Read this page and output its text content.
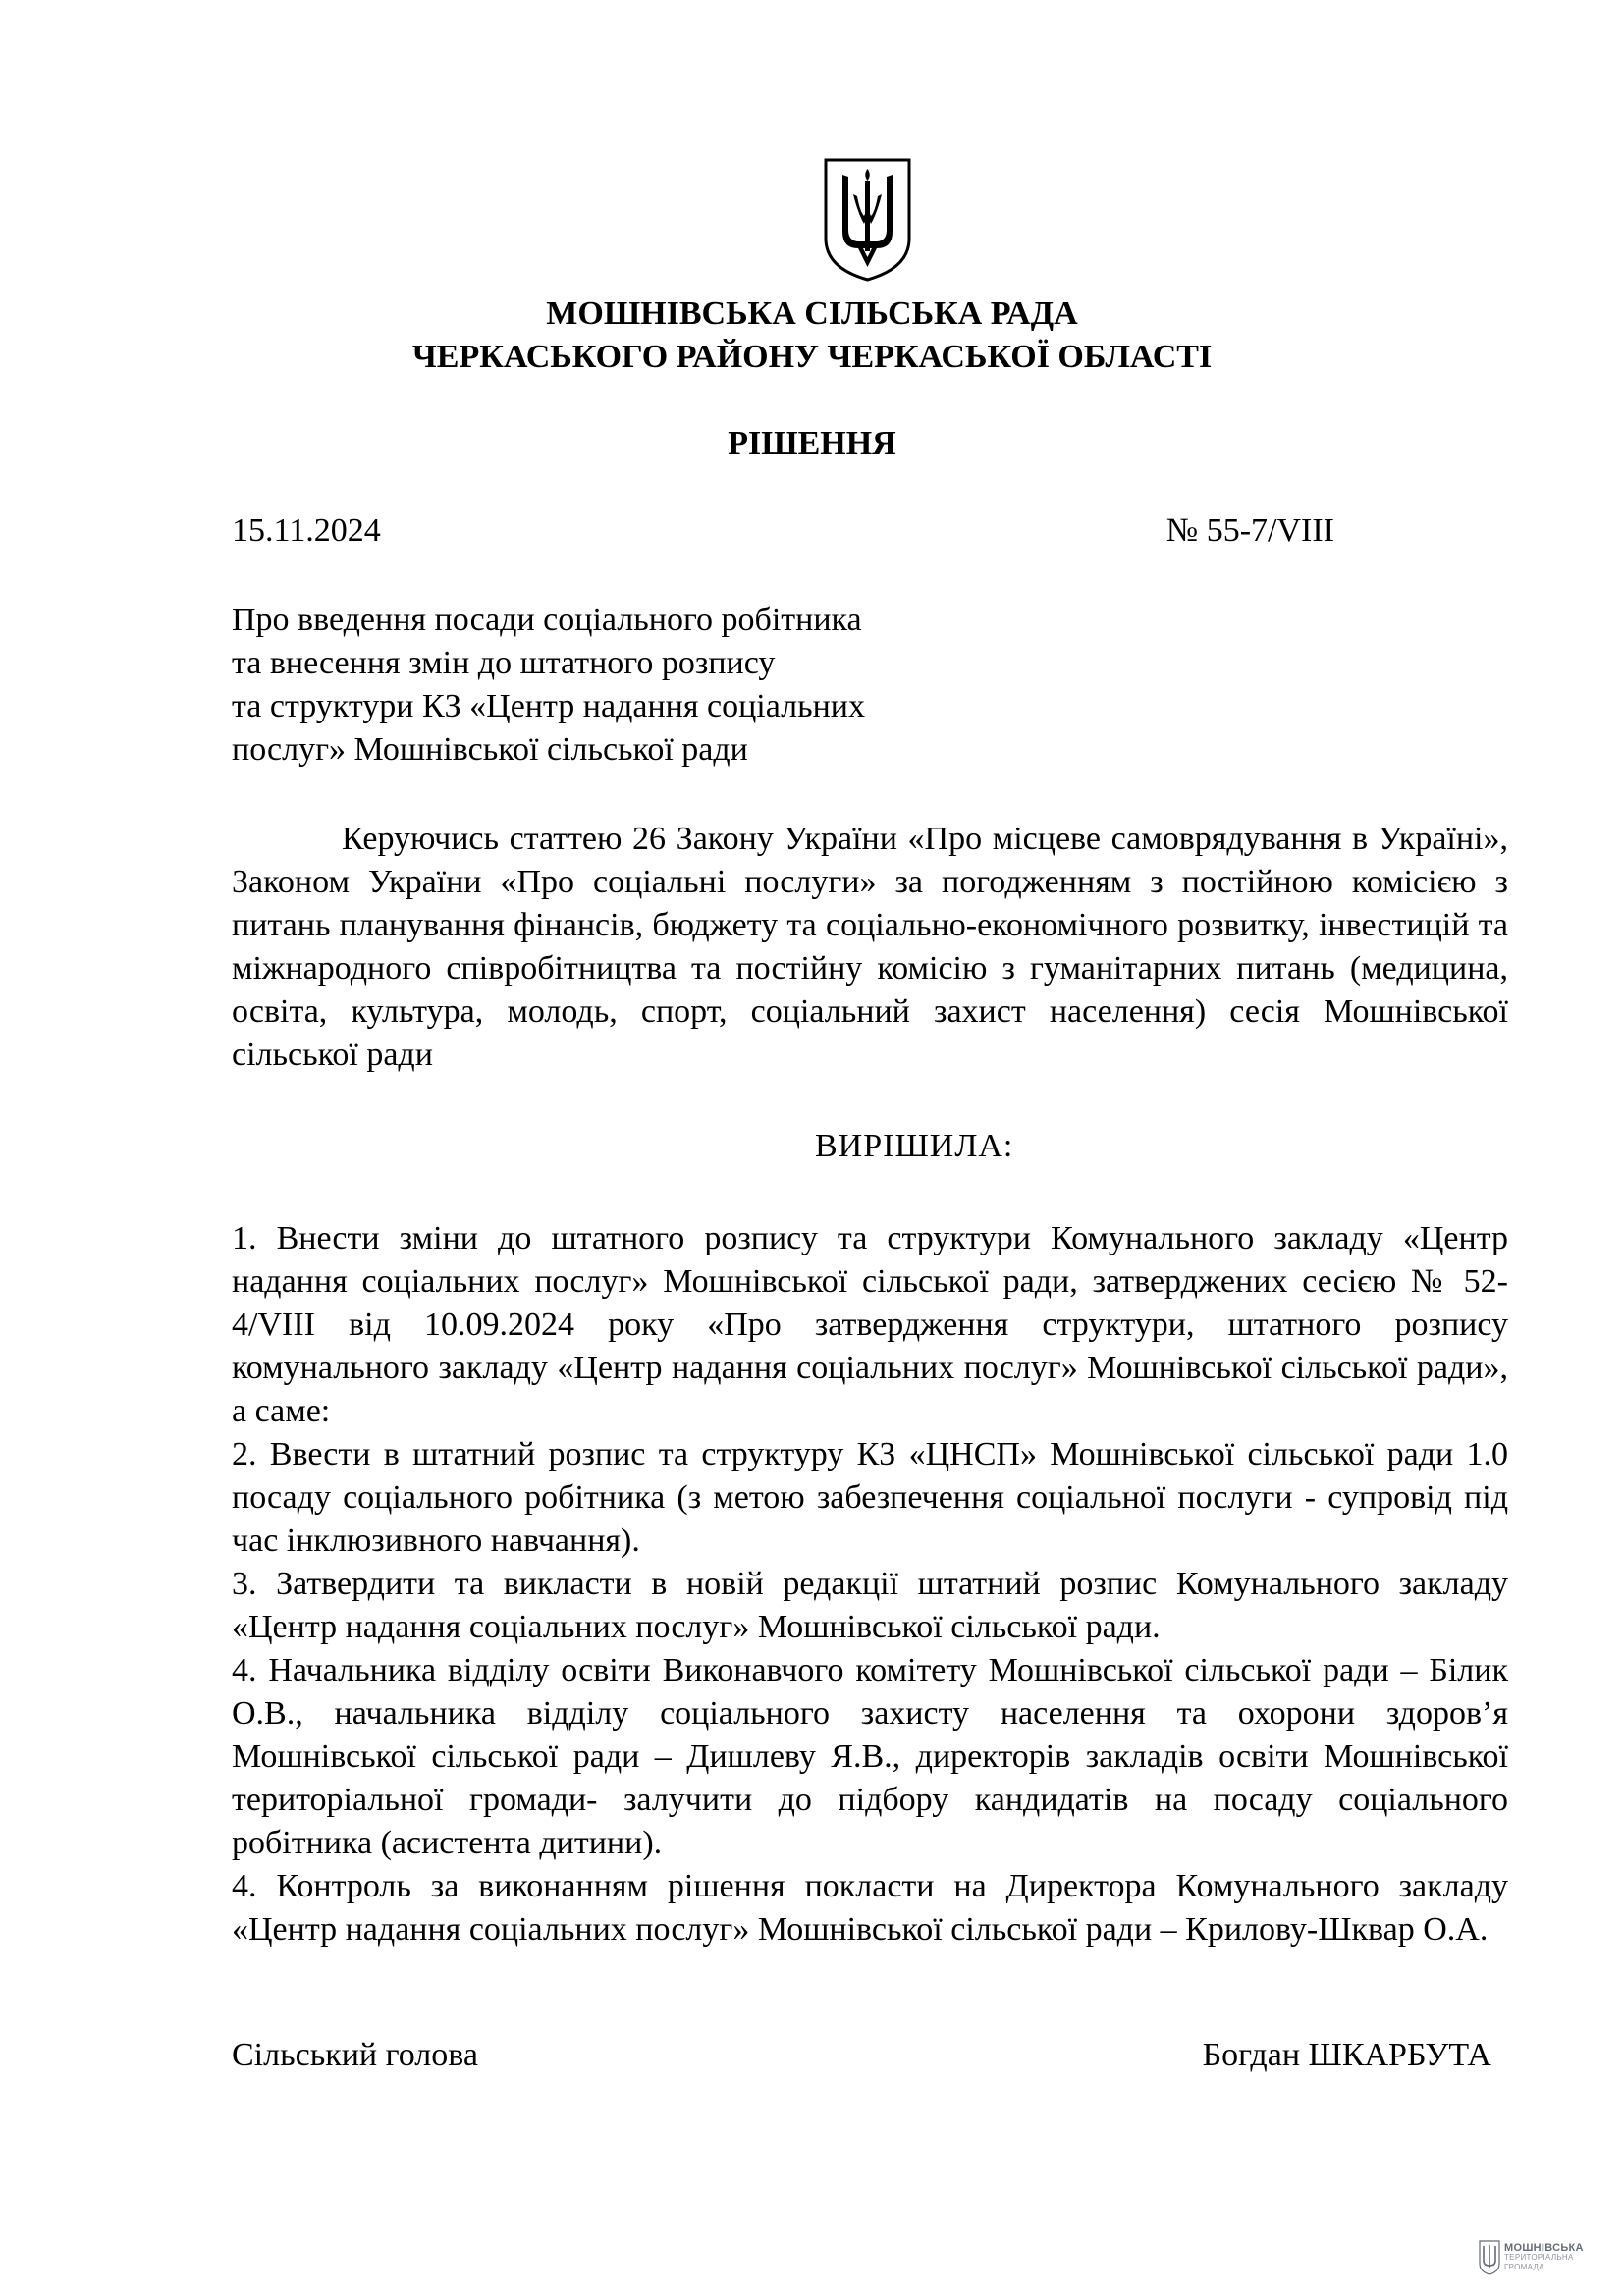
МОШНІВСЬКА СІЛЬСЬКА РАДА
ЧЕРКАСЬКОГО РАЙОНУ ЧЕРКАСЬКОЇ ОБЛАСТІ
РІШЕННЯ
15.11.2024	№ 55-7/VIII
Про введення посади соціального робітника
та внесення змін до штатного розпису
та структури КЗ «Центр надання соціальних
послуг» Мошнівської сільської ради

Керуючись статтею 26 Закону України «Про місцеве самоврядування в Україні», Законом України «Про соціальні послуги» за погодженням з постійною комісією з питань планування фінансів, бюджету та соціально-економічного розвитку, інвестицій та міжнародного співробітництва та постійну комісію з гуманітарних питань (медицина, освіта, культура, молодь, спорт, соціальний захист населення) сесія Мошнівської сільської ради

ВИРІШИЛА:

1. Внести зміни до штатного розпису та структури Комунального закладу «Центр надання соціальних послуг» Мошнівської сільської ради, затверджених сесією № 52-4/VIII від 10.09.2024 року «Про затвердження структури, штатного розпису комунального закладу «Центр надання соціальних послуг» Мошнівської сільської ради», а саме:

2. Ввести в штатний розпис та структуру КЗ «ЦНСП» Мошнівської сільської ради 1.0 посаду соціального робітника (з метою забезпечення соціальної послуги - супровід під час інклюзивного навчання).

3. Затвердити та викласти в новій редакції штатний розпис Комунального закладу «Центр надання соціальних послуг» Мошнівської сільської ради.

4. Начальника відділу освіти Виконавчого комітету Мошнівської сільської ради – Білик О.В., начальника відділу соціального захисту населення та охорони здоров’я Мошнівської сільської ради – Дишлеву Я.В., директорів закладів освіти Мошнівської територіальної громади- залучити до підбору кандидатів на посаду соціального робітника (асистента дитини).

4. Контроль за виконанням рішення покласти на Директора Комунального закладу «Центр надання соціальних послуг» Мошнівської сільської ради – Крилову-Шквар О.А.

Сільський голова	Богдан ШКАРБУТА
МОШНІВСЬКА
ТЕРИТОРІАЛЬНА
ГРОМАДА
